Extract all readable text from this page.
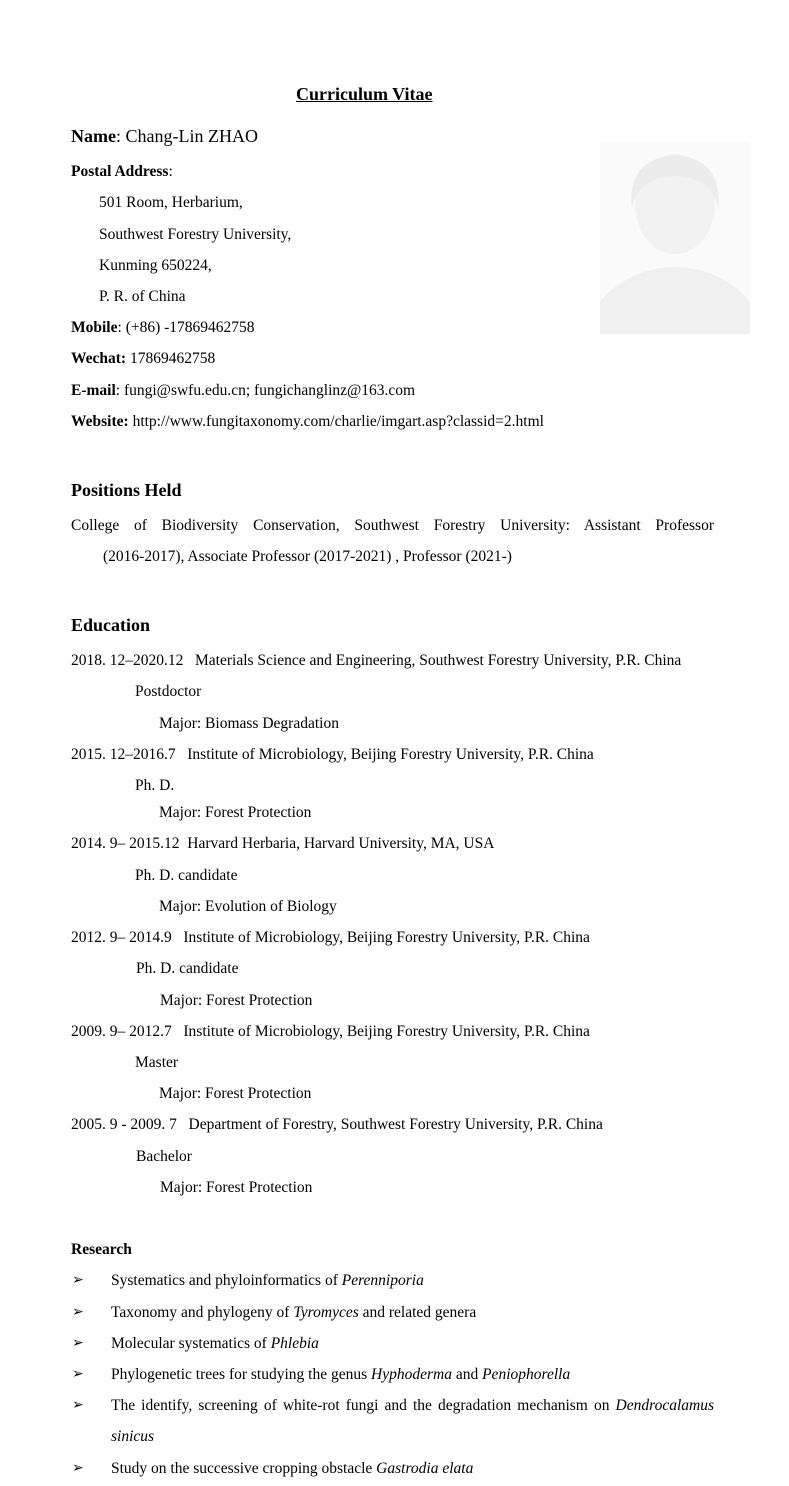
Curriculum Vitae
Name: Chang-Lin ZHAO
Postal Address:
501 Room, Herbarium,
Southwest Forestry University,
Kunming 650224,
P. R. of China
Mobile: (+86) -17869462758
Wechat: 17869462758
E-mail: fungi@swfu.edu.cn; fungichanglinz@163.com
Website: http://www.fungitaxonomy.com/charlie/imgart.asp?classid=2.html
Positions Held
College of Biodiversity Conservation, Southwest Forestry University: Assistant Professor
(2016-2017), Associate Professor (2017-2021) , Professor (2021-)
Education
2018. 12–2020.12 Materials Science and Engineering, Southwest Forestry University, P.R. China
Postdoctor
Major: Biomass Degradation
2015. 12–2016.7 Institute of Microbiology, Beijing Forestry University, P.R. China
Ph. D.
Major: Forest Protection
2014. 9– 2015.12 Harvard Herbaria, Harvard University, MA, USA
Ph. D. candidate
Major: Evolution of Biology
2012. 9– 2014.9 Institute of Microbiology, Beijing Forestry University, P.R. China
Ph. D. candidate
Major: Forest Protection
2009. 9– 2012.7 Institute of Microbiology, Beijing Forestry University, P.R. China
Master
Major: Forest Protection
2005. 9 - 2009. 7 Department of Forestry, Southwest Forestry University, P.R. China
Bachelor
Major: Forest Protection
Research
➢ Systematics and phyloinformatics of Perenniporia
➢ Taxonomy and phylogeny of Tyromyces and related genera
➢ Molecular systematics of Phlebia
➢ Phylogenetic trees for studying the genus Hyphoderma and Peniophorella
➢ The identify, screening of white-rot fungi and the degradation mechanism on Dendrocalamus
sinicus
➢ Study on the successive cropping obstacle Gastrodia elata
